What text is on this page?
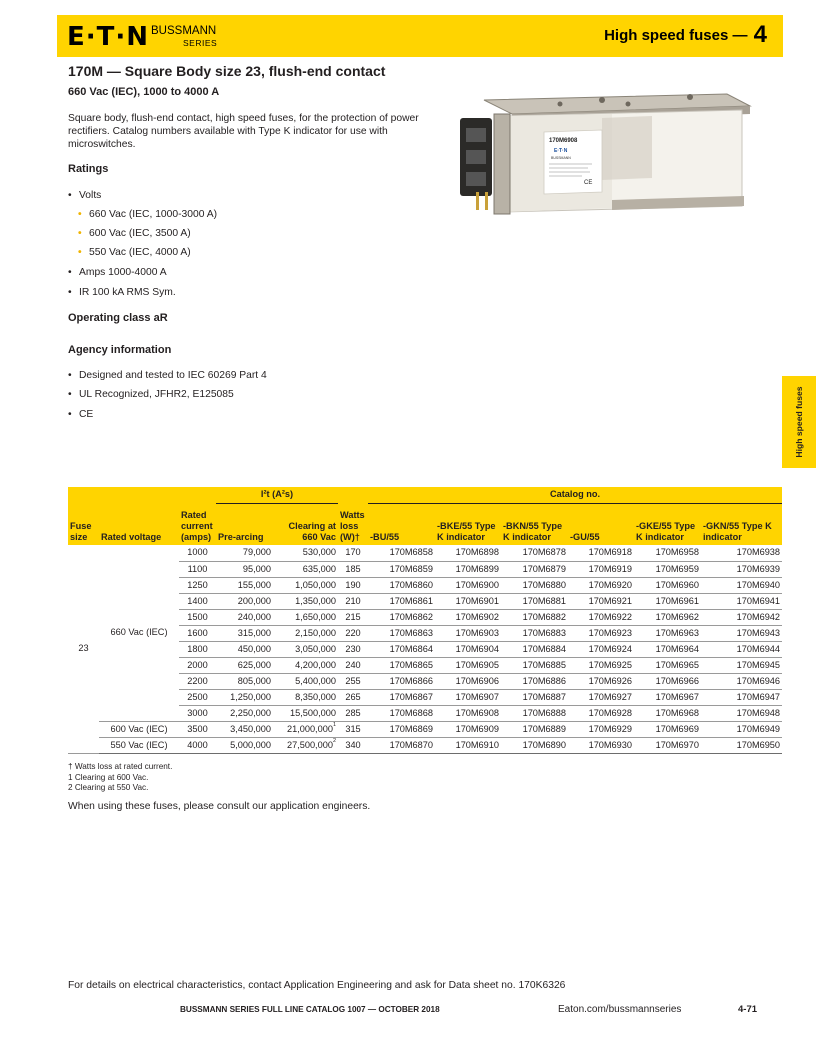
E·T·N BUSSMANN
SERIES	High speed fuses — 4
170M — Square Body size 23, flush-end contact
660 Vac (IEC), 1000 to 4000 A
Square body, flush-end contact, high speed fuses, for the protection of power rectifiers. Catalog numbers available with Type K indicator for use with microswitches.
Ratings
• Volts
• 660 Vac (IEC, 1000-3000 A)
• 600 Vac (IEC, 3500 A)
• 550 Vac (IEC, 4000 A)
• Amps 1000-4000 A
• IR 100 kA RMS Sym.
Operating class aR
Agency information
• Designed and tested to IEC 60269 Part 4
• UL Recognized, JFHR2, E125085
• CE
170M6908
E·T·N
BUSSMANN
CE
High speed fuses
			I²t (A²s)			Catalog no.					
Fuse size	Rated voltage	Rated current (amps)	Pre-arcing	Clearing at 660 Vac	Watts loss (W)†	-BU/55	-BKE/55 Type K indicator	-BKN/55 Type K indicator	-GU/55	-GKE/55 Type K indicator	-GKN/55 Type K indicator
23	660 Vac (IEC)	1000	79,000	530,000	170	170M6858	170M6898	170M6878	170M6918	170M6958	170M6938
		1100	95,000	635,000	185	170M6859	170M6899	170M6879	170M6919	170M6959	170M6939
		1250	155,000	1,050,000	190	170M6860	170M6900	170M6880	170M6920	170M6960	170M6940
		1400	200,000	1,350,000	210	170M6861	170M6901	170M6881	170M6921	170M6961	170M6941
		1500	240,000	1,650,000	215	170M6862	170M6902	170M6882	170M6922	170M6962	170M6942
		1600	315,000	2,150,000	220	170M6863	170M6903	170M6883	170M6923	170M6963	170M6943
		1800	450,000	3,050,000	230	170M6864	170M6904	170M6884	170M6924	170M6964	170M6944
		2000	625,000	4,200,000	240	170M6865	170M6905	170M6885	170M6925	170M6965	170M6945
		2200	805,000	5,400,000	255	170M6866	170M6906	170M6886	170M6926	170M6966	170M6946
		2500	1,250,000	8,350,000	265	170M6867	170M6907	170M6887	170M6927	170M6967	170M6947
		3000	2,250,000	15,500,000	285	170M6868	170M6908	170M6888	170M6928	170M6968	170M6948
	600 Vac (IEC)	3500	3,450,000	21,000,000$^1$	315	170M6869	170M6909	170M6889	170M6929	170M6969	170M6949
	550 Vac (IEC)	4000	5,000,000	27,500,000$^2$	340	170M6870	170M6910	170M6890	170M6930	170M6970	170M6950
† Watts loss at rated current.
1 Clearing at 600 Vac.
2 Clearing at 550 Vac.
When using these fuses, please consult our application engineers.
For details on electrical characteristics, contact Application Engineering and ask for Data sheet no. 170K6326
BUSSMANN SERIES FULL LINE CATALOG 1007 — OCTOBER 2018	Eaton.com/bussmannseries	4-71
